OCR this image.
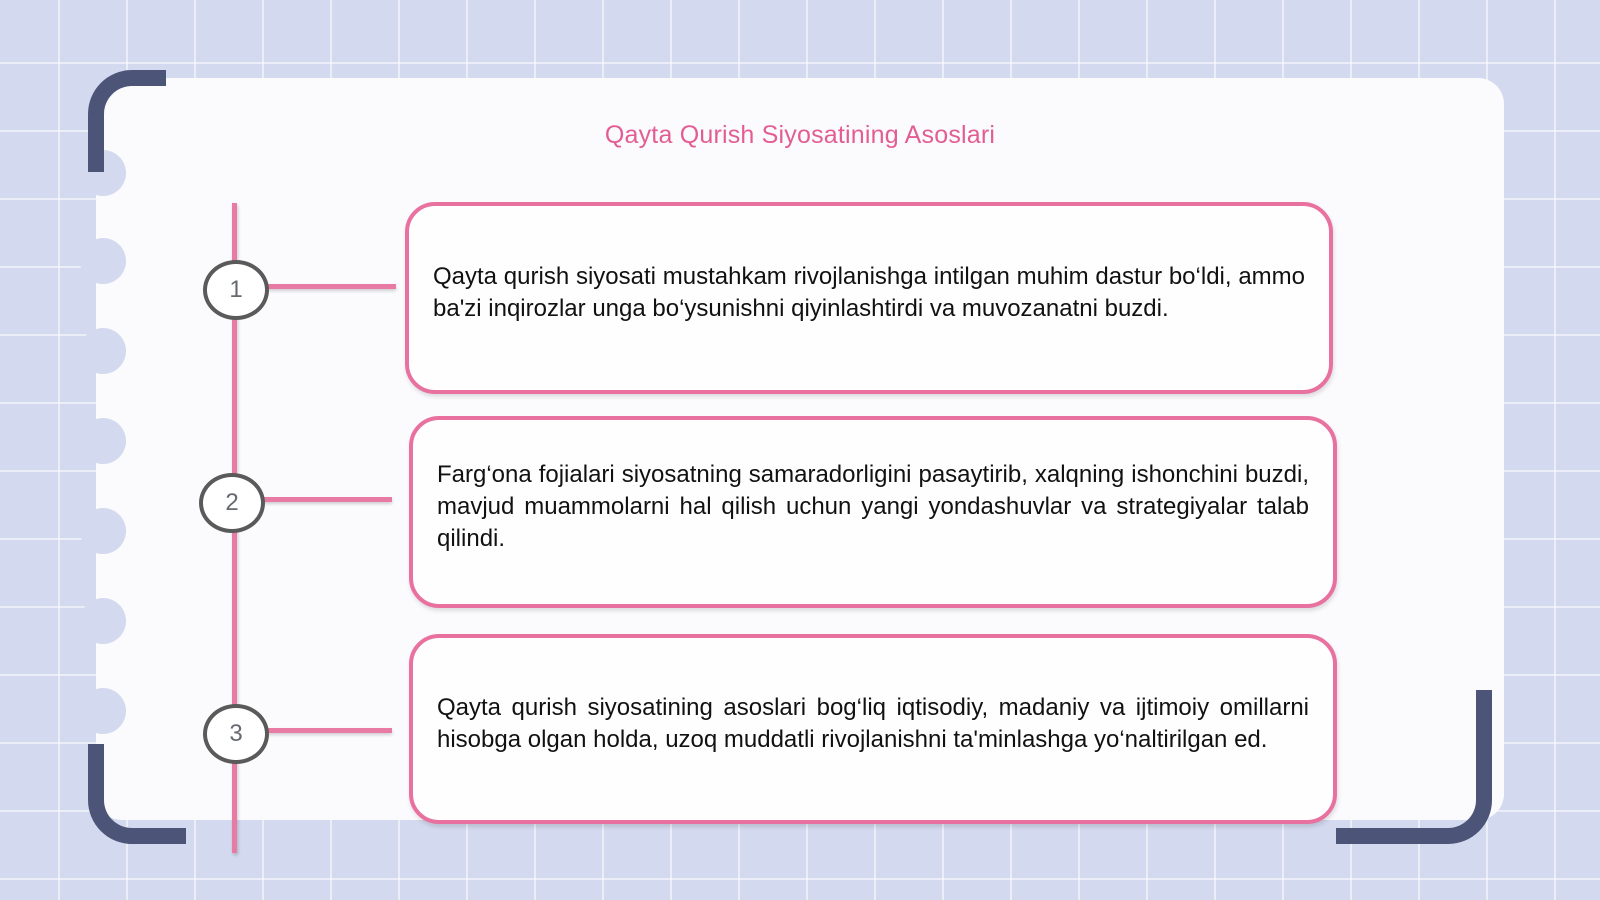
Qayta Qurish Siyosatining Asoslari
1
2
3

Qayta qurish siyosati mustahkam rivojlanishga intilgan muhim dastur bo‘ldi, ammo ba'zi inqirozlar unga bo‘ysunishni qiyinlashtirdi va muvozanatni buzdi.

Farg‘ona fojialari siyosatning samaradorligini pasaytirib, xalqning ishonchini buzdi, mavjud muammolarni hal qilish uchun yangi yondashuvlar va strategiyalar talab qilindi.

Qayta qurish siyosatining asoslari bog‘liq iqtisodiy, madaniy va ijtimoiy omillarni hisobga olgan holda, uzoq muddatli rivojlanishni ta'minlashga yo‘naltirilgan ed.
